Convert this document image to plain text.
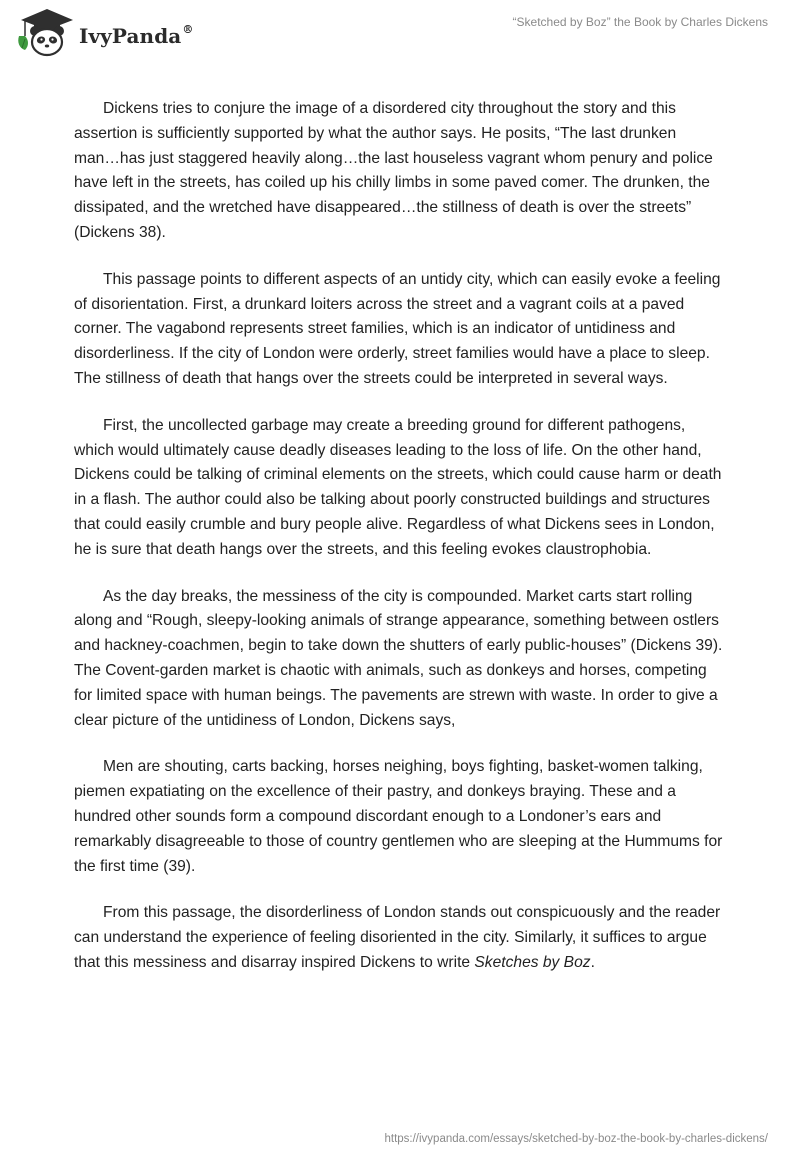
IvyPanda®
“Sketched by Boz” the Book by Charles Dickens

Dickens tries to conjure the image of a disordered city throughout the story and this assertion is sufficiently supported by what the author says. He posits, “The last drunken man…has just staggered heavily along…the last houseless vagrant whom penury and police have left in the streets, has coiled up his chilly limbs in some paved comer. The drunken, the dissipated, and the wretched have disappeared…the stillness of death is over the streets” (Dickens 38).

This passage points to different aspects of an untidy city, which can easily evoke a feeling of disorientation. First, a drunkard loiters across the street and a vagrant coils at a paved corner. The vagabond represents street families, which is an indicator of untidiness and disorderliness. If the city of London were orderly, street families would have a place to sleep. The stillness of death that hangs over the streets could be interpreted in several ways.

First, the uncollected garbage may create a breeding ground for different pathogens, which would ultimately cause deadly diseases leading to the loss of life. On the other hand, Dickens could be talking of criminal elements on the streets, which could cause harm or death in a flash. The author could also be talking about poorly constructed buildings and structures that could easily crumble and bury people alive. Regardless of what Dickens sees in London, he is sure that death hangs over the streets, and this feeling evokes claustrophobia.

As the day breaks, the messiness of the city is compounded. Market carts start rolling along and “Rough, sleepy-looking animals of strange appearance, something between ostlers and hackney-coachmen, begin to take down the shutters of early public-houses” (Dickens 39). The Covent-garden market is chaotic with animals, such as donkeys and horses, competing for limited space with human beings. The pavements are strewn with waste. In order to give a clear picture of the untidiness of London, Dickens says,

Men are shouting, carts backing, horses neighing, boys fighting, basket-women talking, piemen expatiating on the excellence of their pastry, and donkeys braying. These and a hundred other sounds form a compound discordant enough to a Londoner’s ears and remarkably disagreeable to those of country gentlemen who are sleeping at the Hummums for the first time (39).

From this passage, the disorderliness of London stands out conspicuously and the reader can understand the experience of feeling disoriented in the city. Similarly, it suffices to argue that this messiness and disarray inspired Dickens to write Sketches by Boz.

https://ivypanda.com/essays/sketched-by-boz-the-book-by-charles-dickens/
